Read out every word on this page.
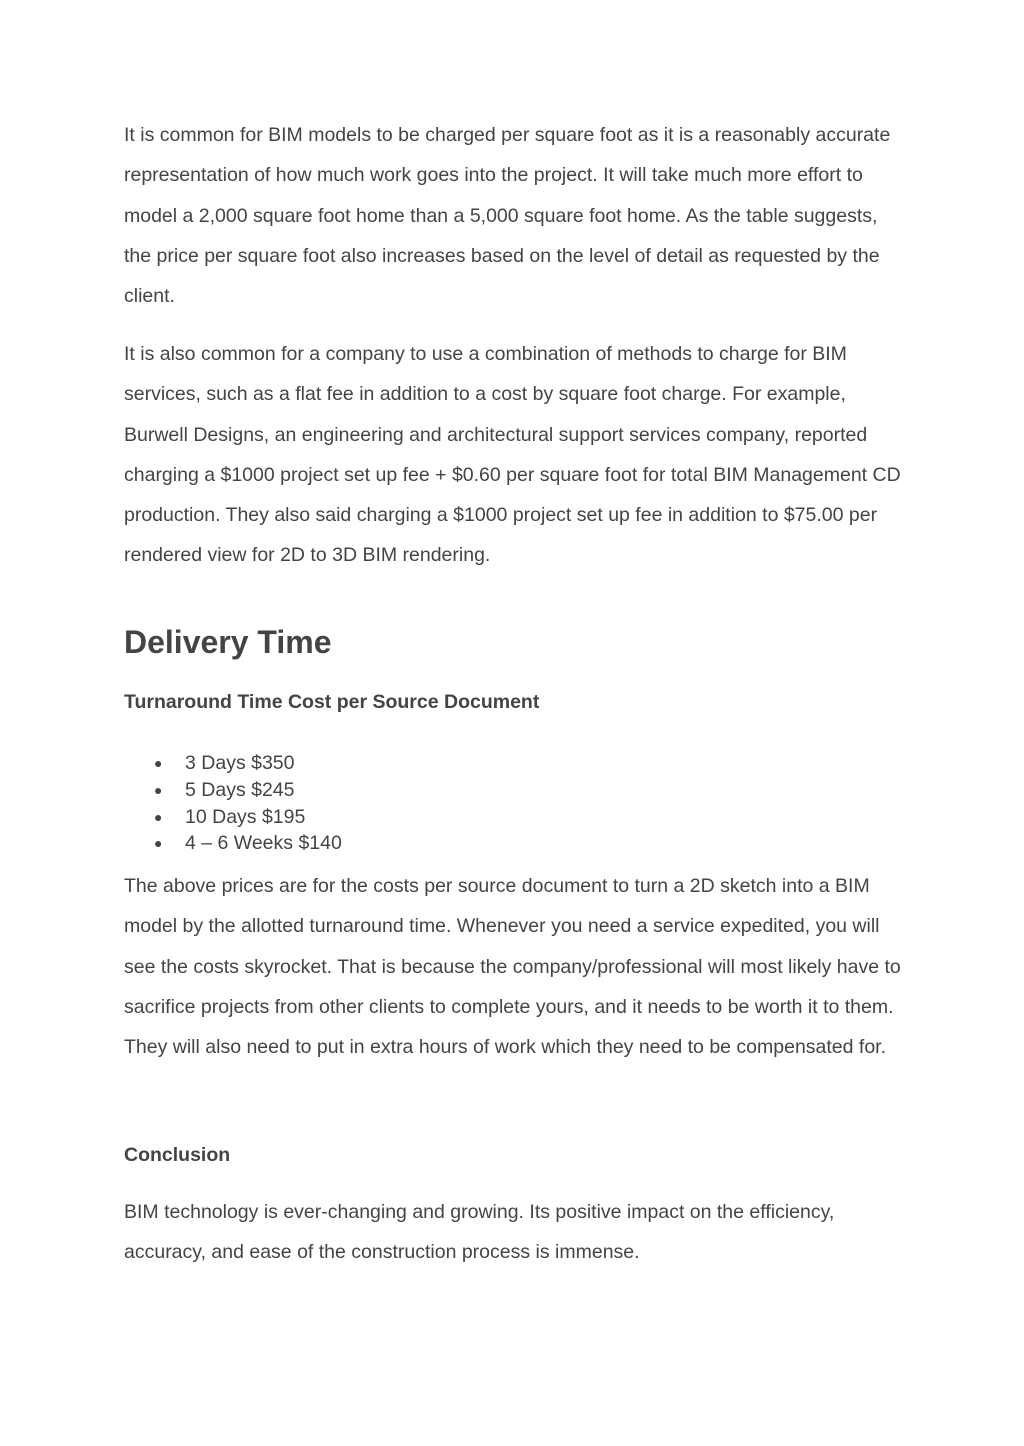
It is common for BIM models to be charged per square foot as it is a reasonably accurate representation of how much work goes into the project. It will take much more effort to model a 2,000 square foot home than a 5,000 square foot home. As the table suggests, the price per square foot also increases based on the level of detail as requested by the client.

It is also common for a company to use a combination of methods to charge for BIM services, such as a flat fee in addition to a cost by square foot charge. For example, Burwell Designs, an engineering and architectural support services company, reported charging a $1000 project set up fee + $0.60 per square foot for total BIM Management CD production. They also said charging a $1000 project set up fee in addition to $75.00 per rendered view for 2D to 3D BIM rendering.

Delivery Time
Turnaround Time Cost per Source Document
● 3 Days $350
● 5 Days $245
● 10 Days $195
● 4 – 6 Weeks $140

The above prices are for the costs per source document to turn a 2D sketch into a BIM model by the allotted turnaround time. Whenever you need a service expedited, you will see the costs skyrocket. That is because the company/professional will most likely have to sacrifice projects from other clients to complete yours, and it needs to be worth it to them. They will also need to put in extra hours of work which they need to be compensated for.

Conclusion

BIM technology is ever-changing and growing. Its positive impact on the efficiency, accuracy, and ease of the construction process is immense.
